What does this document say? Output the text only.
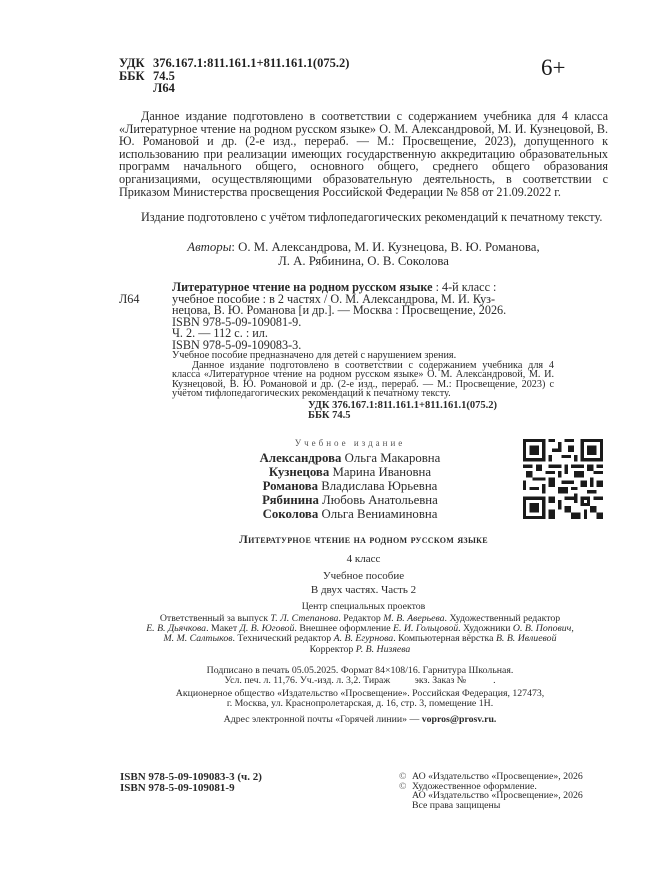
УДК 376.167.1:811.161.1+811.161.1(075.2)
ББК 74.5
Л64
6+
Данное издание подготовлено в соответствии с содержанием учебника для 4 класса «Литературное чтение на родном русском языке» О. М. Александровой, М. И. Кузнецовой, В. Ю. Романовой и др. (2-е изд., перераб. — М.: Просвещение, 2023), допущенного к использованию при реализации имеющих государственную аккредитацию образовательных программ начального общего, основного общего, среднего общего образования организациями, осуществляющими образовательную деятельность, в соответствии с Приказом Министерства просвещения Российской Федерации № 858 от 21.09.2022 г.
Издание подготовлено с учётом тифлопедагогических рекомендаций к печатному тексту.
Авторы: О. М. Александрова, М. И. Кузнецова, В. Ю. Романова,
Л. А. Рябинина, О. В. Соколова
Литературное чтение на родном русском языке : 4-й класс :
Л64	учебное пособие : в 2 частях / О. М. Александрова, М. И. Куз-
нецова, В. Ю. Романова [и др.]. — Москва : Просвещение, 2026.
ISBN 978-5-09-109081-9.
Ч. 2. — 112 с. : ил.
ISBN 978-5-09-109083-3.
Учебное пособие предназначено для детей с нарушением зрения.
Данное издание подготовлено в соответствии с содержанием учебника для 4 класса «Литературное чтение на родном русском языке» О. М. Александровой, М. И. Кузнецовой, В. Ю. Романовой и др. (2-е изд., перераб. — М.: Просвещение, 2023) с учётом тифлопедагогических рекомендаций к печатному тексту.
УДК 376.167.1:811.161.1+811.161.1(075.2)
ББК 74.5
Учебное издание
Александрова Ольга Макаровна
Кузнецова Марина Ивановна
Романова Владислава Юрьевна
Рябинина Любовь Анатольевна
Соколова Ольга Вениаминовна
Литературное чтение на родном русском языке
4 класс
Учебное пособие
В двух частях. Часть 2
Центр специальных проектов
Ответственный за выпуск Т. Л. Степанова. Редактор М. В. Аверьева. Художественный редактор
Е. В. Дьячкова. Макет Д. В. Юговой. Внешнее оформление Е. И. Гольцовой. Художники О. В. Попович,
М. М. Салтыков. Технический редактор А. В. Егурнова. Компьютерная вёрстка В. В. Ивлиевой
Корректор Р. В. Низяева
Подписано в печать 05.05.2025. Формат 84×108/16. Гарнитура Школьная.
Усл. печ. л. 11,76. Уч.-изд. л. 3,2. Тираж          экз. Заказ №           .
Акционерное общество «Издательство «Просвещение». Российская Федерация, 127473,
г. Москва, ул. Краснопролетарская, д. 16, стр. 3, помещение 1Н.
Адрес электронной почты «Горячей линии» — vopros@prosv.ru.
ISBN 978-5-09-109083-3 (ч. 2)
ISBN 978-5-09-109081-9
© АО «Издательство «Просвещение», 2026
© Художественное оформление.
АО «Издательство «Просвещение», 2026
Все права защищены
